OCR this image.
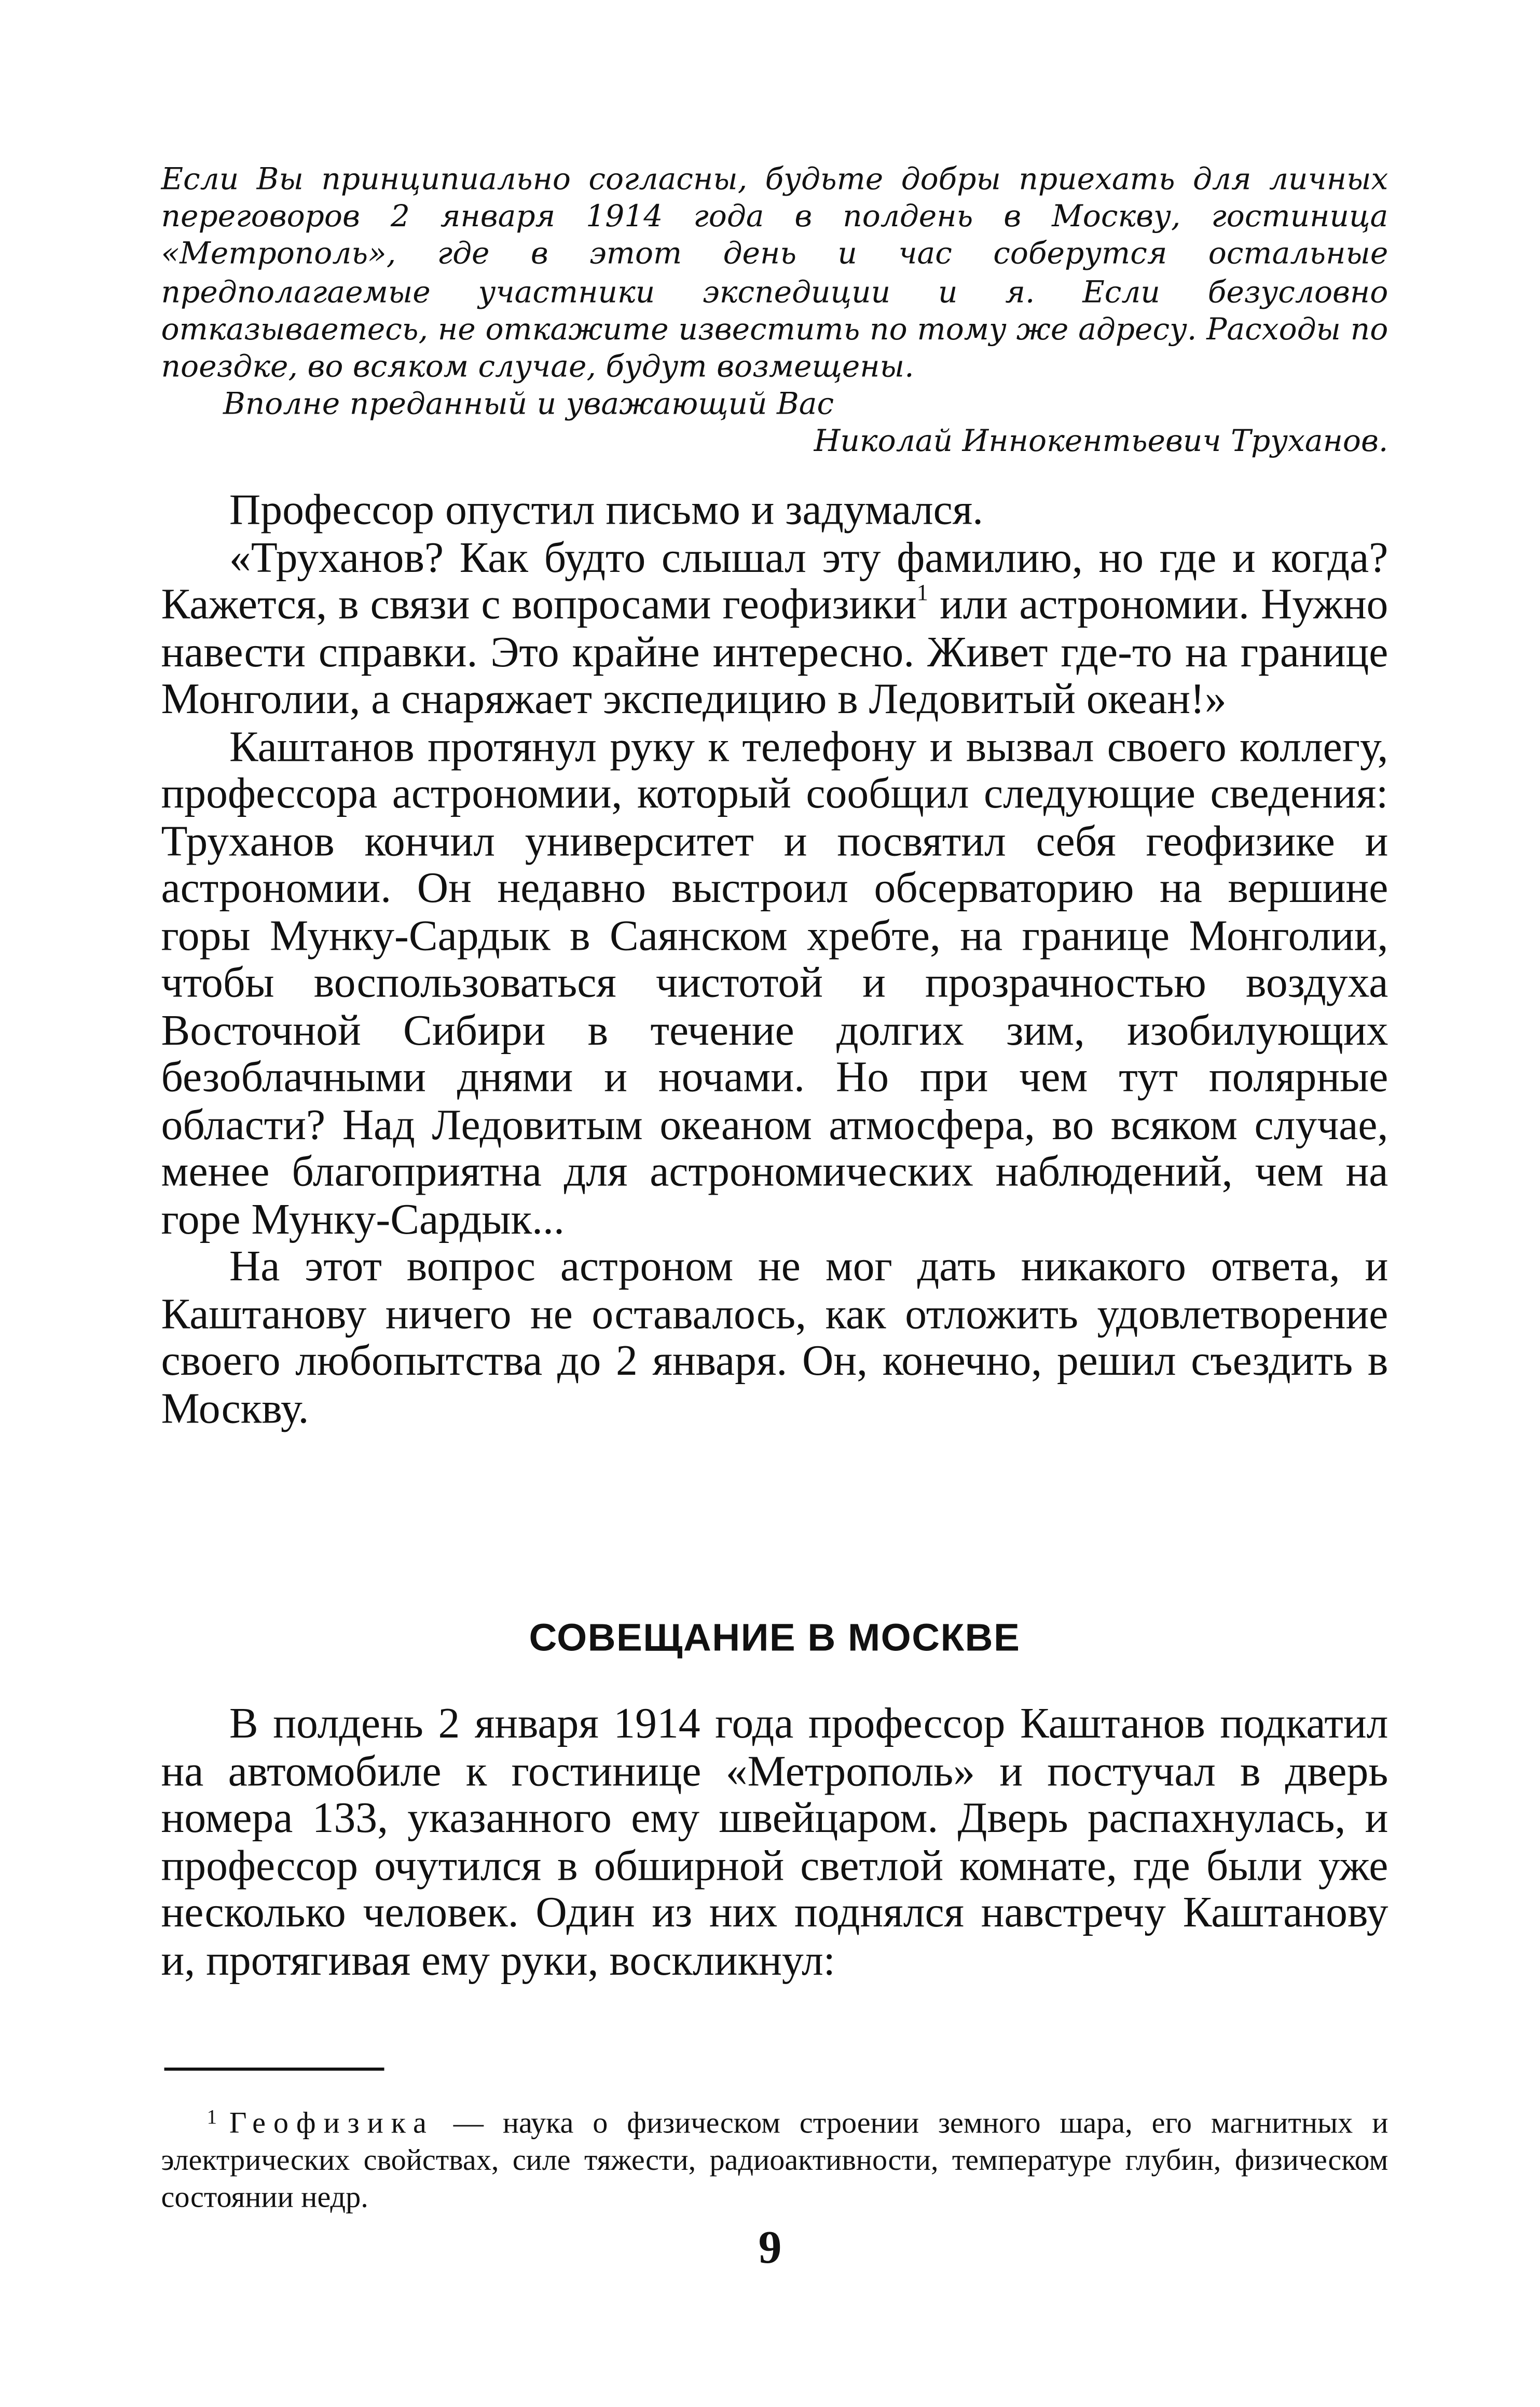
Если Вы принципиально согласны, будьте добры приехать для личных переговоров 2 января 1914 года в полдень в Москву, гостиница «Метрополь», где в этот день и час соберутся остальные предполагаемые участники экспедиции и я. Если безусловно отказываетесь, не откажите известить по тому же адресу. Расходы по поездке, во всяком случае, будут возмещены.
Вполне преданный и уважающий Вас
Николай Иннокентьевич Труханов.
Профессор опустил письмо и задумался.
«Труханов? Как будто слышал эту фамилию, но где и когда? Кажется, в связи с вопросами геофизики$^1$ или астрономии. Нужно навести справки. Это крайне интересно. Живет где-то на границе Монголии, а снаряжает экспедицию в Ледовитый океан!»
Каштанов протянул руку к телефону и вызвал своего коллегу, профессора астрономии, который сообщил следующие сведения: Труханов кончил университет и посвятил себя геофизике и астрономии. Он недавно выстроил обсерваторию на вершине горы Мунку-Сардык в Саянском хребте, на границе Монголии, чтобы воспользоваться чистотой и прозрачностью воздуха Восточной Сибири в течение долгих зим, изобилующих безоблачными днями и ночами. Но при чем тут полярные области? Над Ледовитым океаном атмосфера, во всяком случае, менее благоприятна для астрономических наблюдений, чем на горе Мунку-Сардык...
На этот вопрос астроном не мог дать никакого ответа, и Каштанову ничего не оставалось, как отложить удовлетворение своего любопытства до 2 января. Он, конечно, решил съездить в Москву.
СОВЕЩАНИЕ В МОСКВЕ
В полдень 2 января 1914 года профессор Каштанов подкатил на автомобиле к гостинице «Метрополь» и постучал в дверь номера 133, указанного ему швейцаром. Дверь распахнулась, и профессор очутился в обширной светлой комнате, где были уже несколько человек. Один из них поднялся навстречу Каштанову и, протягивая ему руки, воскликнул:
$^1$ Геофизика — наука о физическом строении земного шара, его магнитных и электрических свойствах, силе тяжести, радиоактивности, температуре глубин, физическом состоянии недр.
9
